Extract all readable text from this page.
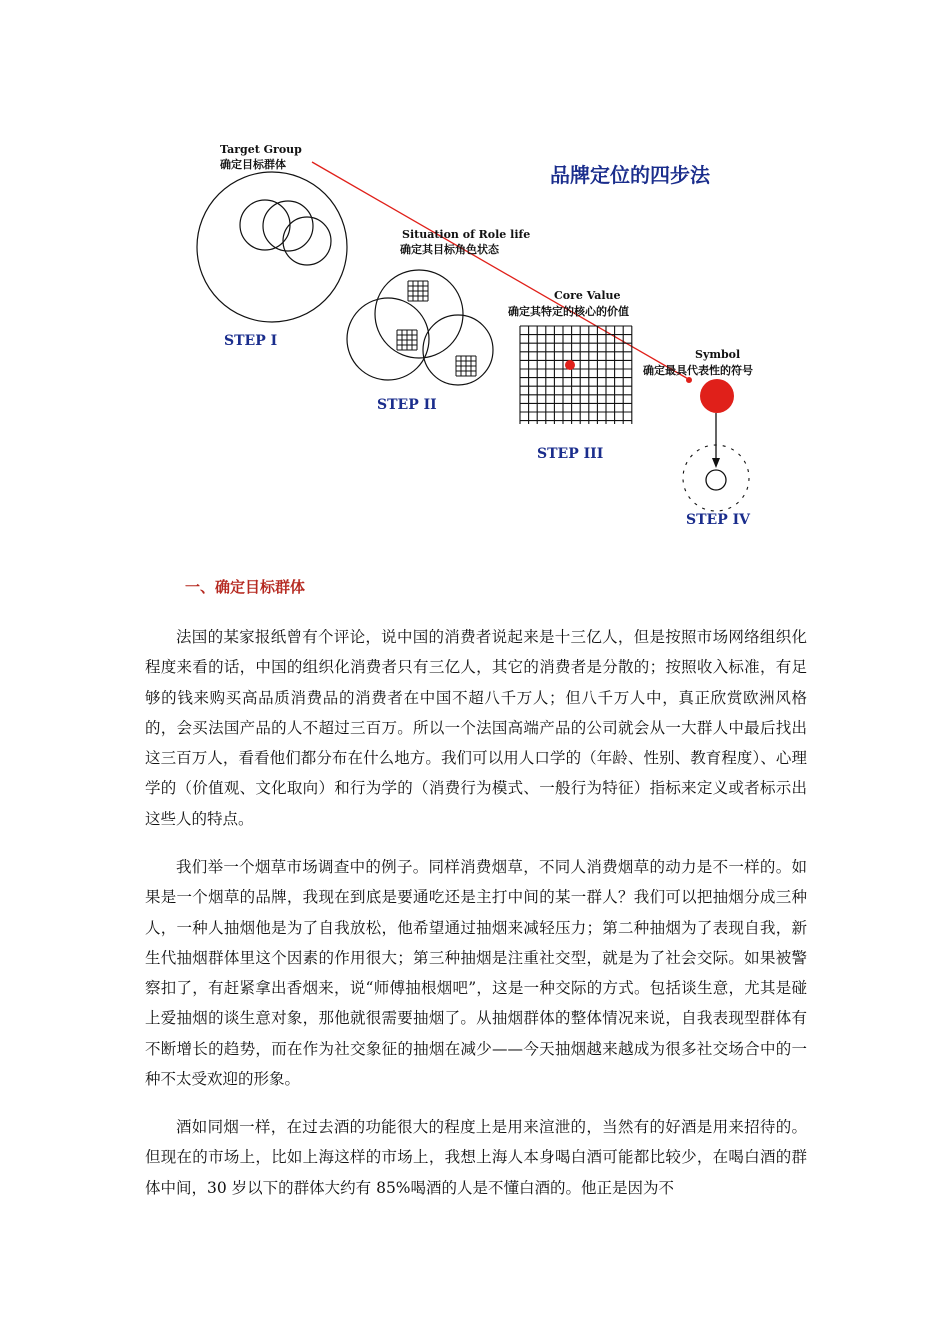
品牌定位的四步法
Target Group
确定目标群体
STEP I
Situation of Role life
确定其目标角色状态
STEP II
Core Value
确定其特定的核心的价值
STEP III
Symbol
确定最具代表性的符号
STEP IV
一、确定目标群体

法国的某家报纸曾有个评论，说中国的消费者说起来是十三亿人，但是按照市场网络组织化程度来看的话，中国的组织化消费者只有三亿人，其它的消费者是分散的；按照收入标准，有足够的钱来购买高品质消费品的消费者在中国不超八千万人；但八千万人中，真正欣赏欧洲风格的，会买法国产品的人不超过三百万。所以一个法国高端产品的公司就会从一大群人中最后找出这三百万人，看看他们都分布在什么地方。我们可以用人口学的（年龄、性别、教育程度）、心理学的（价值观、文化取向）和行为学的（消费行为模式、一般行为特征）指标来定义或者标示出这些人的特点。

我们举一个烟草市场调查中的例子。同样消费烟草，不同人消费烟草的动力是不一样的。如果是一个烟草的品牌，我现在到底是要通吃还是主打中间的某一群人？我们可以把抽烟分成三种人，一种人抽烟他是为了自我放松，他希望通过抽烟来减轻压力；第二种抽烟为了表现自我，新生代抽烟群体里这个因素的作用很大；第三种抽烟是注重社交型，就是为了社会交际。如果被警察扣了，有赶紧拿出香烟来，说“师傅抽根烟吧”，这是一种交际的方式。包括谈生意，尤其是碰上爱抽烟的谈生意对象，那他就很需要抽烟了。从抽烟群体的整体情况来说，自我表现型群体有不断增长的趋势，而在作为社交象征的抽烟在减少——今天抽烟越来越成为很多社交场合中的一种不太受欢迎的形象。

酒如同烟一样，在过去酒的功能很大的程度上是用来渲泄的，当然有的好酒是用来招待的。但现在的市场上，比如上海这样的市场上，我想上海人本身喝白酒可能都比较少，在喝白酒的群体中间，30 岁以下的群体大约有 85%喝酒的人是不懂白酒的。他正是因为不
